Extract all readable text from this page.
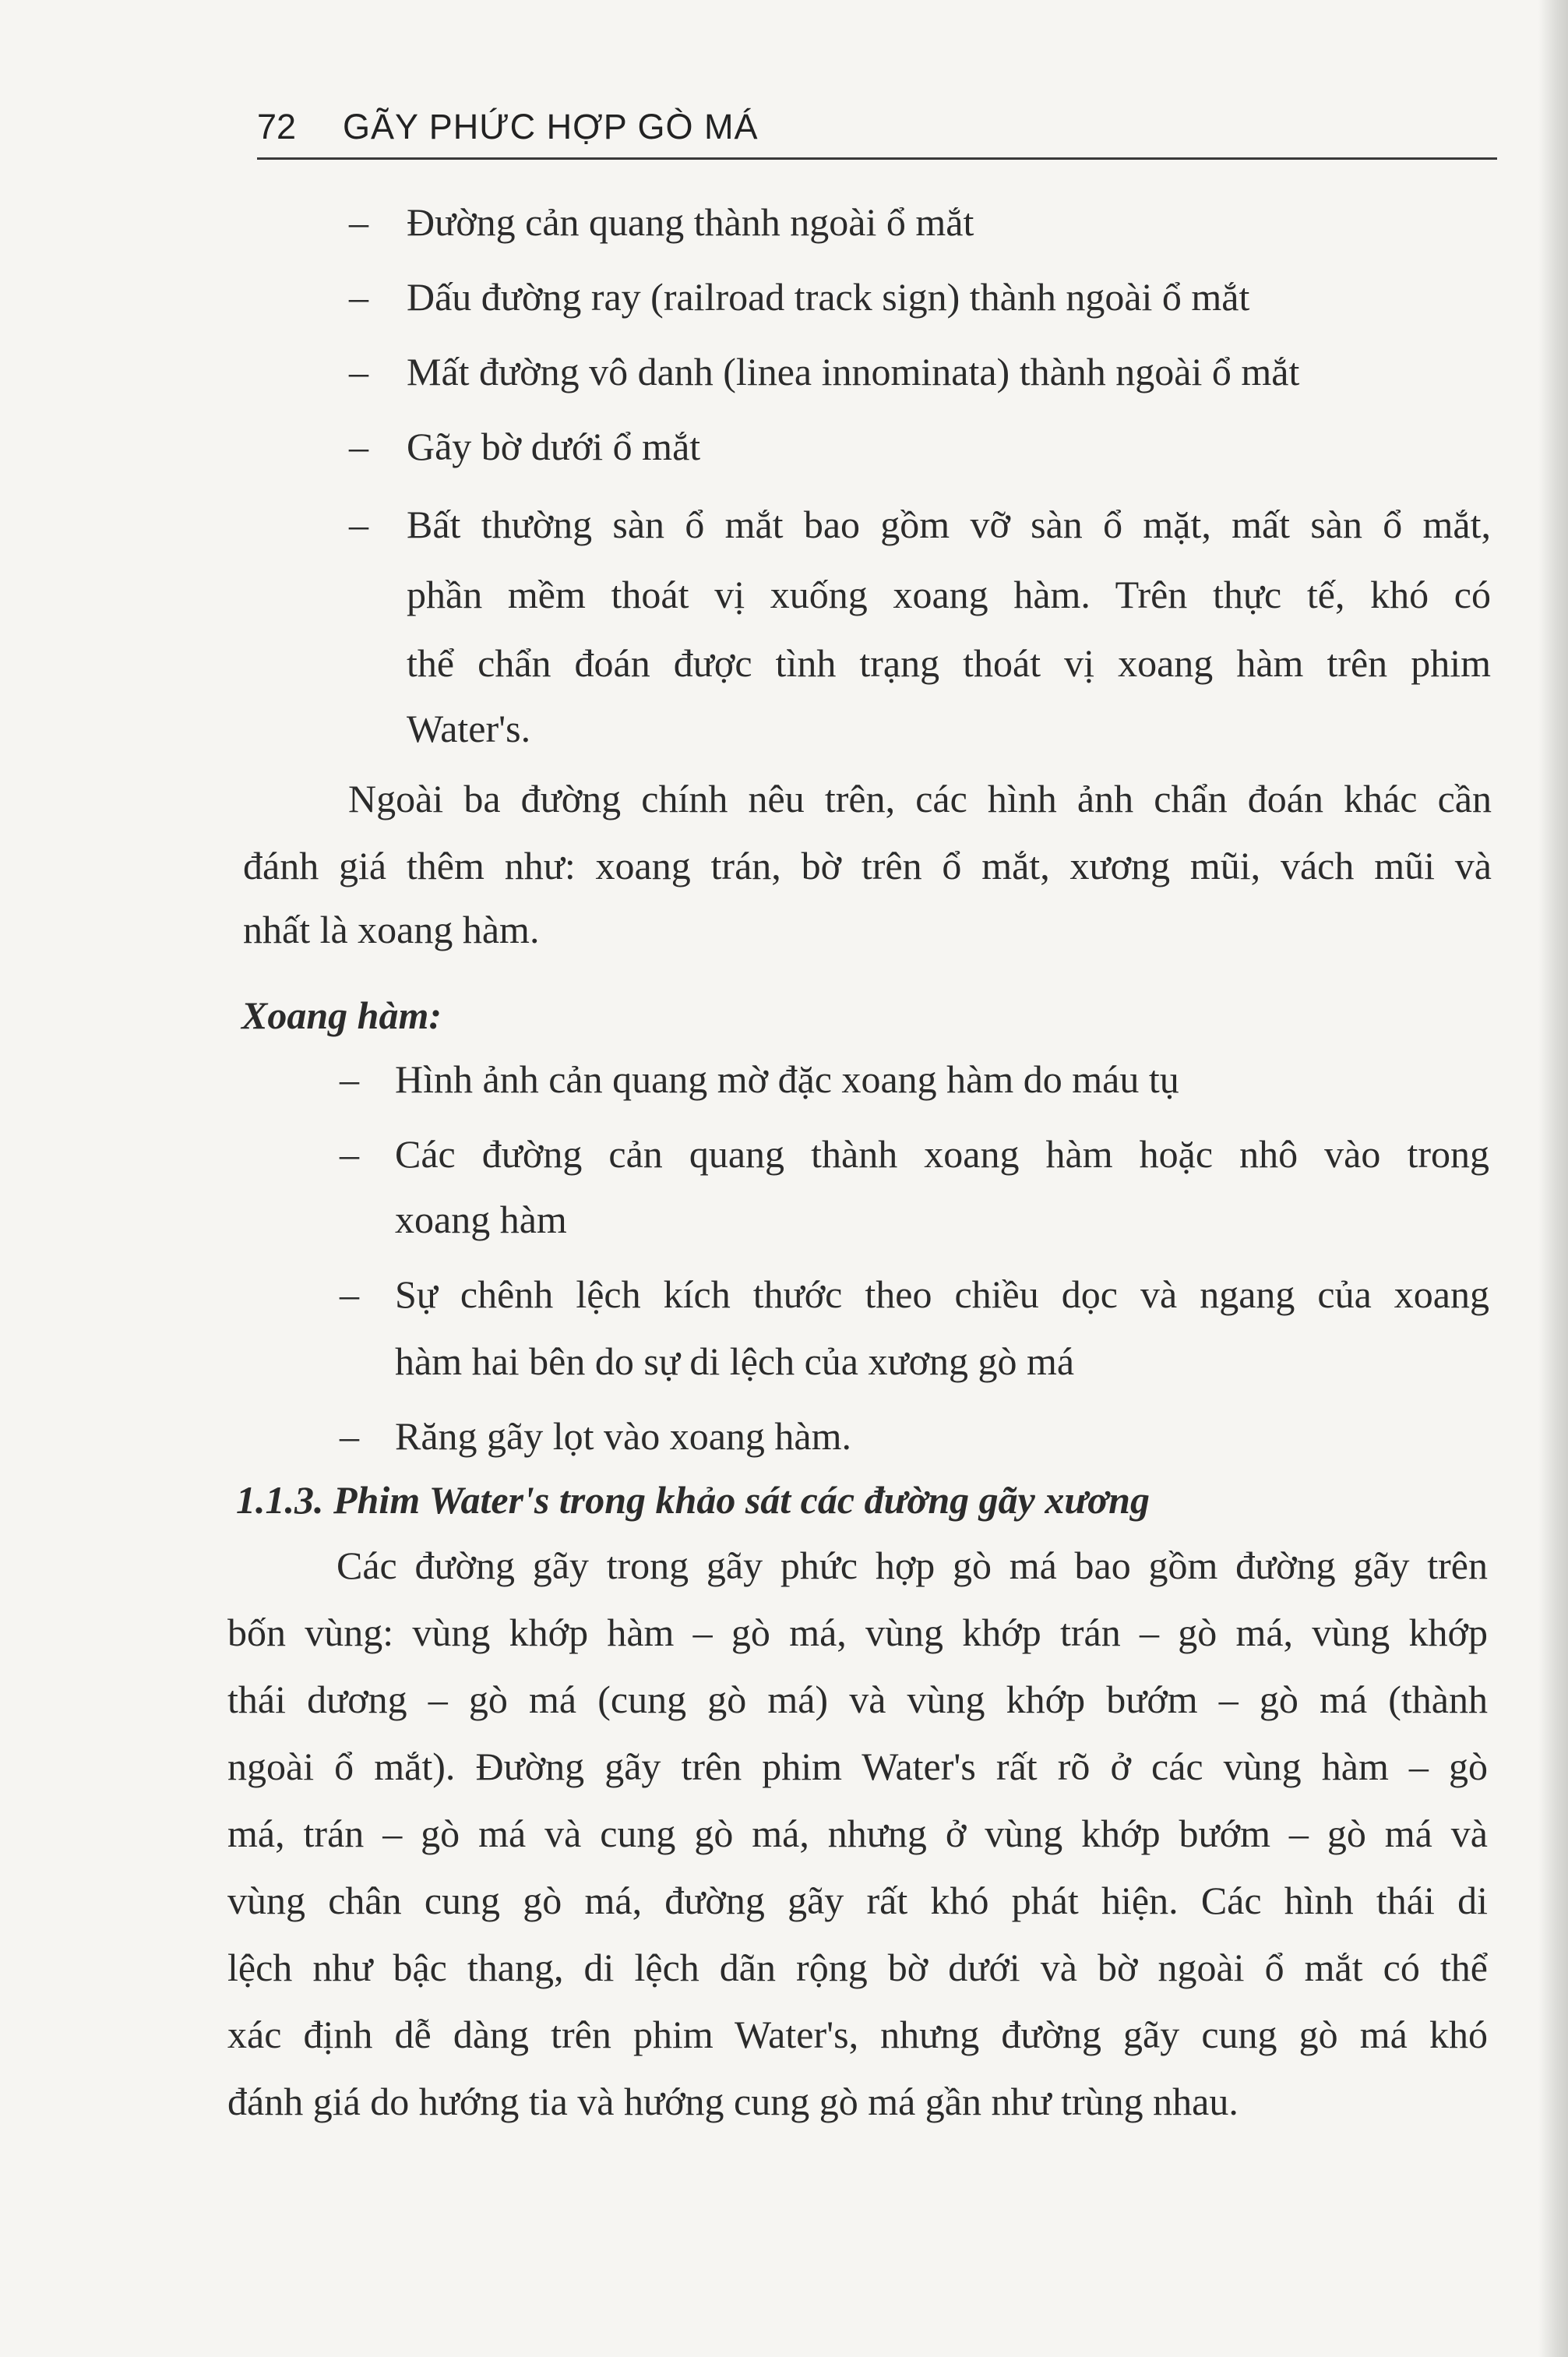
72 GÃY PHỨC HỢP GÒ MÁ
– Đường cản quang thành ngoài ổ mắt
– Dấu đường ray (railroad track sign) thành ngoài ổ mắt
– Mất đường vô danh (linea innominata) thành ngoài ổ mắt
– Gãy bờ dưới ổ mắt
– Bất thường sàn ổ mắt bao gồm vỡ sàn ổ mặt, mất sàn ổ mắt,
phần mềm thoát vị xuống xoang hàm. Trên thực tế, khó có
thể chẩn đoán được tình trạng thoát vị xoang hàm trên phim
Water's.
Ngoài ba đường chính nêu trên, các hình ảnh chẩn đoán khác cần
đánh giá thêm như: xoang trán, bờ trên ổ mắt, xương mũi, vách mũi và
nhất là xoang hàm.
Xoang hàm:
– Hình ảnh cản quang mờ đặc xoang hàm do máu tụ
– Các đường cản quang thành xoang hàm hoặc nhô vào trong
xoang hàm
– Sự chênh lệch kích thước theo chiều dọc và ngang của xoang
hàm hai bên do sự di lệch của xương gò má
– Răng gãy lọt vào xoang hàm.
1.1.3. Phim Water's trong khảo sát các đường gãy xương
Các đường gãy trong gãy phức hợp gò má bao gồm đường gãy trên
bốn vùng: vùng khớp hàm – gò má, vùng khớp trán – gò má, vùng khớp
thái dương – gò má (cung gò má) và vùng khớp bướm – gò má (thành
ngoài ổ mắt). Đường gãy trên phim Water's rất rõ ở các vùng hàm – gò
má, trán – gò má và cung gò má, nhưng ở vùng khớp bướm – gò má và
vùng chân cung gò má, đường gãy rất khó phát hiện. Các hình thái di
lệch như bậc thang, di lệch dãn rộng bờ dưới và bờ ngoài ổ mắt có thể
xác định dễ dàng trên phim Water's, nhưng đường gãy cung gò má khó
đánh giá do hướng tia và hướng cung gò má gần như trùng nhau.
